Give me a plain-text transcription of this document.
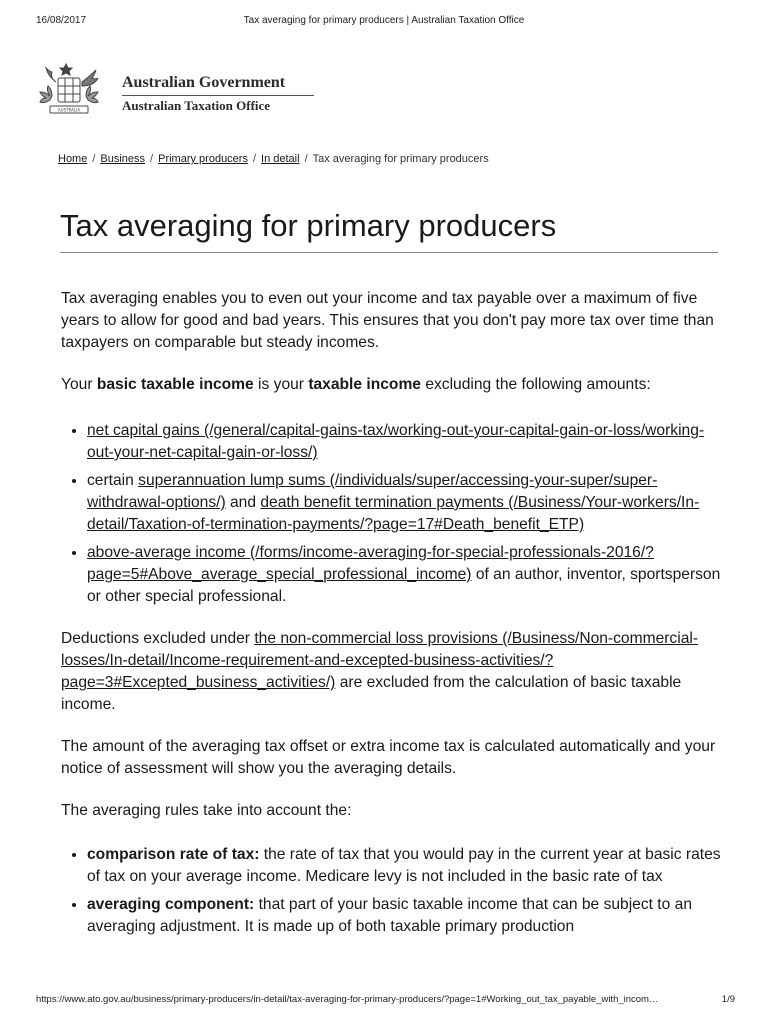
16/08/2017	Tax averaging for primary producers | Australian Taxation Office
AUSTRALIA
Australian Government
Australian Taxation Office
Home / Business / Primary producers / In detail / Tax averaging for primary producers
Tax averaging for primary producers

Tax averaging enables you to even out your income and tax payable over a maximum of five years to allow for good and bad years. This ensures that you don't pay more tax over time than taxpayers on comparable but steady incomes.

Your basic taxable income is your taxable income excluding the following amounts:

• net capital gains (/general/capital-gains-tax/working-out-your-capital-gain-or-loss/working-out-your-net-capital-gain-or-loss/)
• certain superannuation lump sums (/individuals/super/accessing-your-super/super-withdrawal-options/) and death benefit termination payments (/Business/Your-workers/In-detail/Taxation-of-termination-payments/?page=17#Death_benefit_ETP)
• above-average income (/forms/income-averaging-for-special-professionals-2016/?page=5#Above_average_special_professional_income) of an author, inventor, sportsperson or other special professional.

Deductions excluded under the non-commercial loss provisions (/Business/Non-commercial-losses/In-detail/Income-requirement-and-excepted-business-activities/?page=3#Excepted_business_activities/) are excluded from the calculation of basic taxable income.

The amount of the averaging tax offset or extra income tax is calculated automatically and your notice of assessment will show you the averaging details.

The averaging rules take into account the:

• comparison rate of tax: the rate of tax that you would pay in the current year at basic rates of tax on your average income. Medicare levy is not included in the basic rate of tax
• averaging component: that part of your basic taxable income that can be subject to an averaging adjustment. It is made up of both taxable primary production
https://www.ato.gov.au/business/primary-producers/in-detail/tax-averaging-for-primary-producers/?page=1#Working_out_tax_payable_with_incom…	1/9
